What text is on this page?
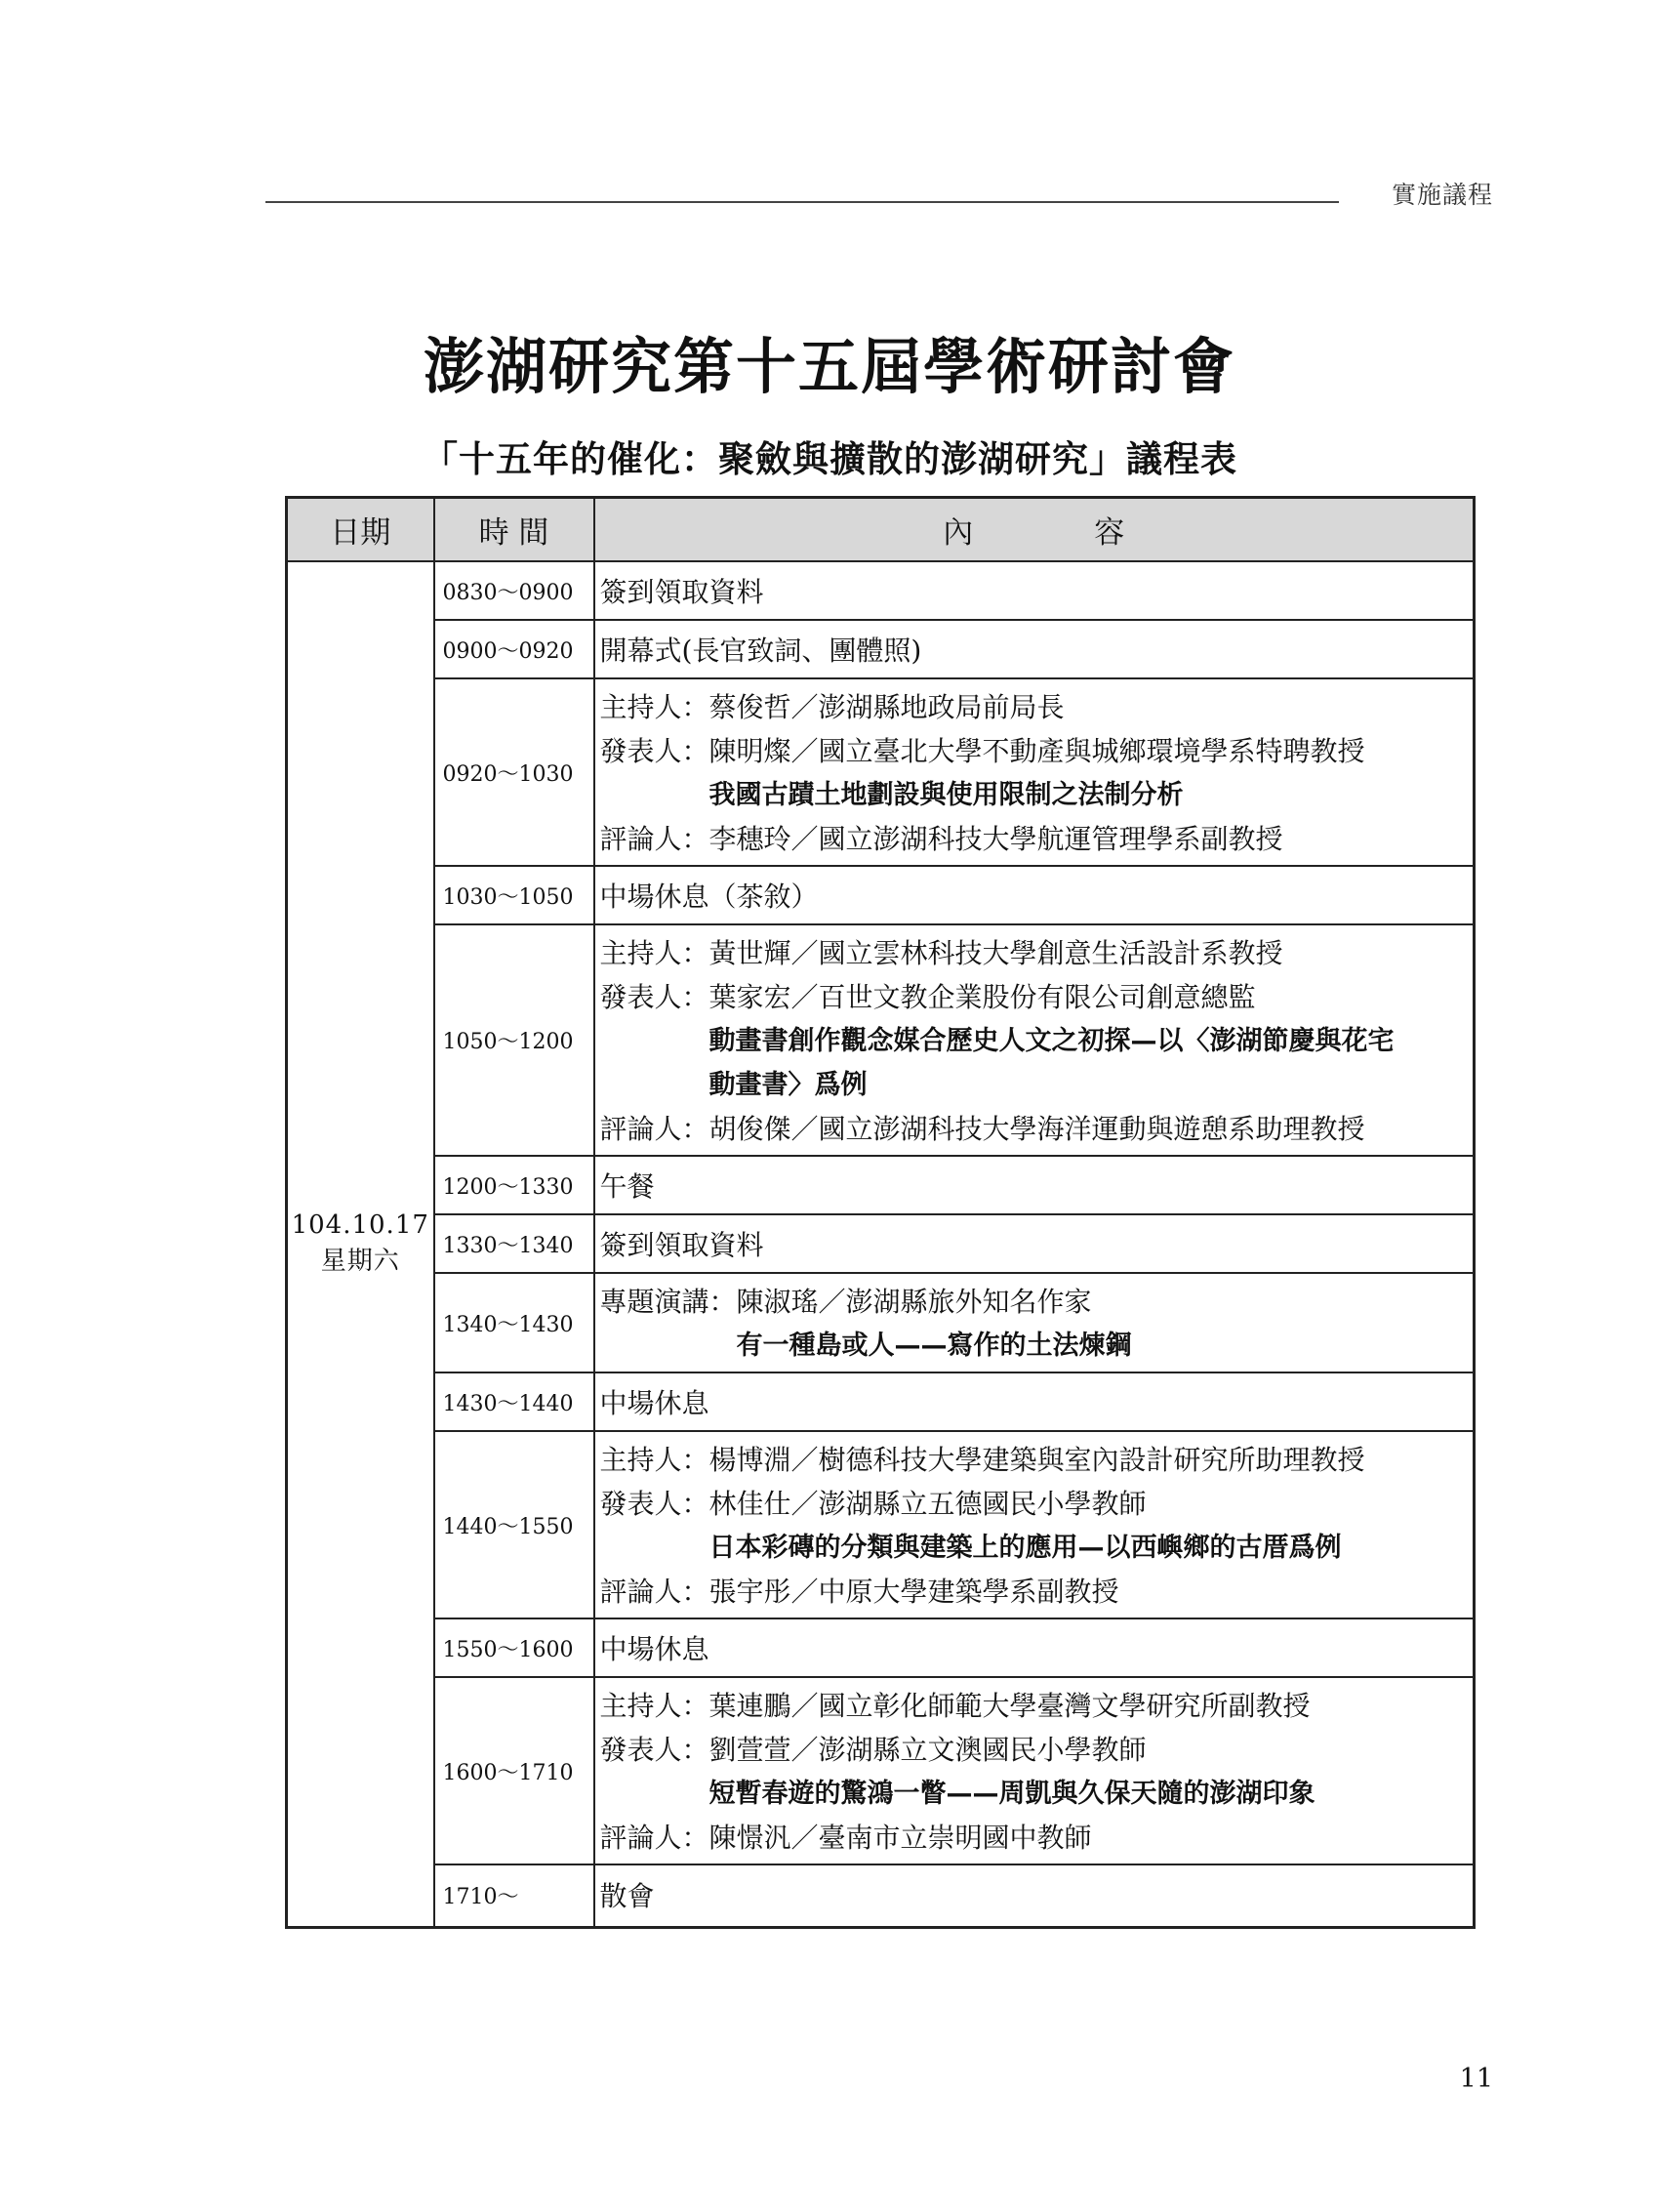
實施議程
澎湖研究第十五屆學術研討會
「十五年的催化：聚斂與擴散的澎湖研究」議程表
日期	時 間	內　　　　容

104.10.17
星期六	0830～0900	簽到領取資料

	0900～0920	開幕式(長官致詞、團體照)

	0920～1030	主持人：蔡俊哲／澎湖縣地政局前局長
發表人：陳明燦／國立臺北大學不動產與城鄉環境學系特聘教授
我國古蹟土地劃設與使用限制之法制分析
評論人：李穗玲／國立澎湖科技大學航運管理學系副教授

	1030～1050	中場休息（茶敘）

	1050～1200	主持人：黃世輝／國立雲林科技大學創意生活設計系教授
發表人：葉家宏／百世文教企業股份有限公司創意總監
動畫書創作觀念媒合歷史人文之初探—以〈澎湖節慶與花宅
動畫書〉爲例
評論人：胡俊傑／國立澎湖科技大學海洋運動與遊憩系助理教授

	1200～1330	午餐

	1330～1340	簽到領取資料

	1340～1430	專題演講：陳淑瑤／澎湖縣旅外知名作家
有一種島或人——寫作的土法煉鋼

	1430～1440	中場休息

	1440～1550	主持人：楊博淵／樹德科技大學建築與室內設計研究所助理教授
發表人：林佳仕／澎湖縣立五德國民小學教師
日本彩磚的分類與建築上的應用—以西嶼鄉的古厝爲例
評論人：張宇彤／中原大學建築學系副教授

	1550～1600	中場休息

	1600～1710	主持人：葉連鵬／國立彰化師範大學臺灣文學研究所副教授
發表人：劉萱萱／澎湖縣立文澳國民小學教師
短暫春遊的驚鴻一瞥——周凱與久保天隨的澎湖印象
評論人：陳憬汎／臺南市立崇明國中教師

	1710～	散會
11
